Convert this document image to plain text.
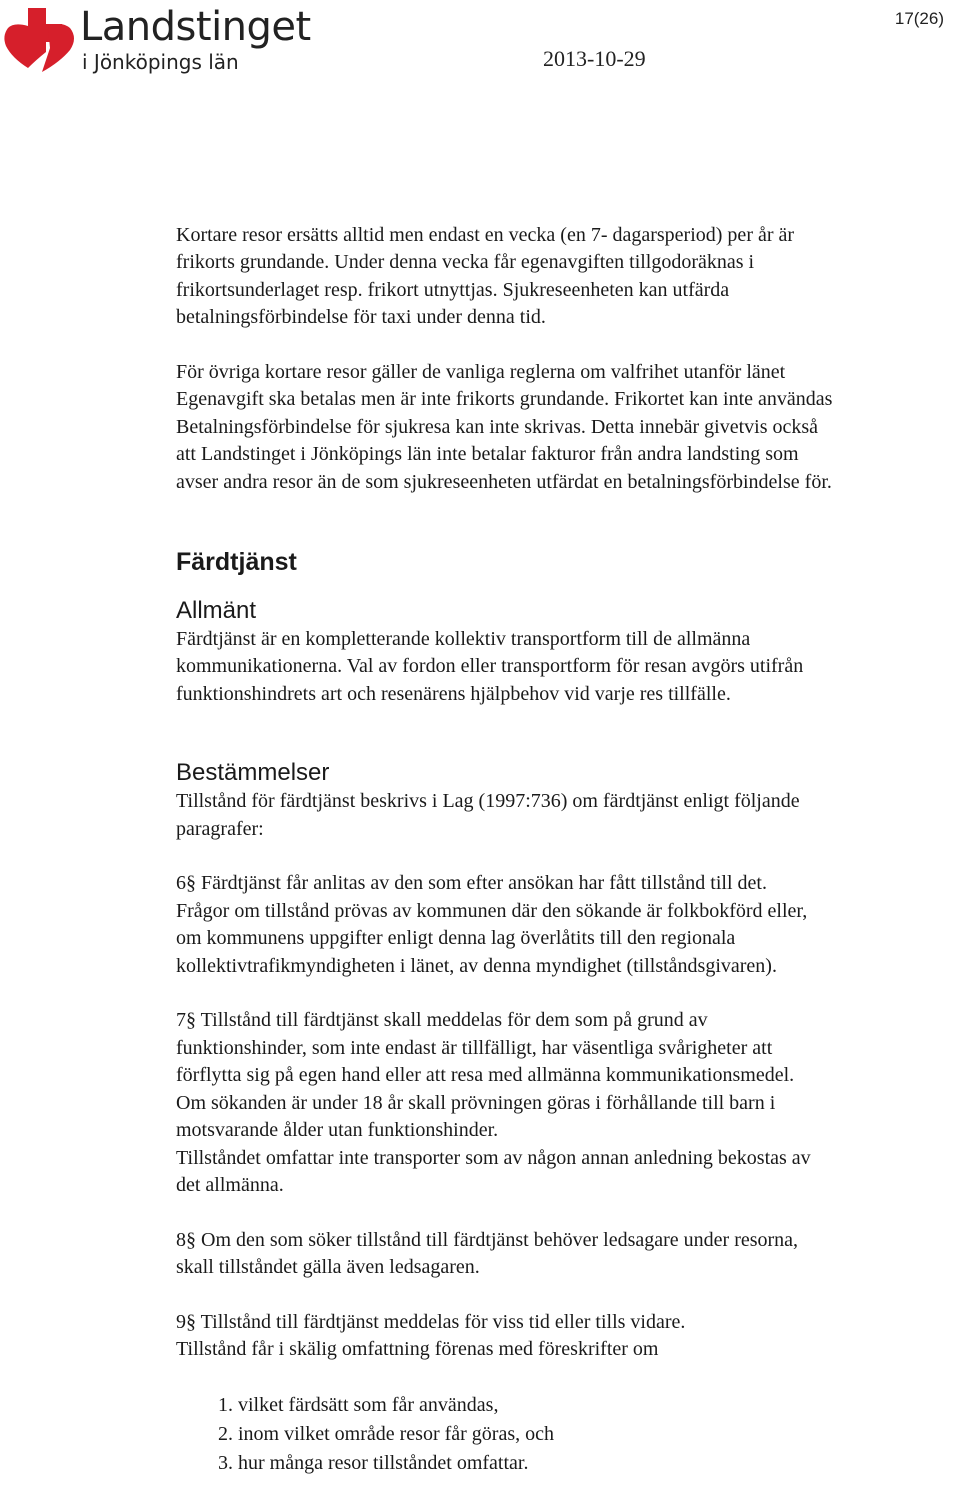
Landstinget
i Jönköpings län	2013-10-29
17(26)

Kortare resor ersätts alltid men endast en vecka (en 7- dagarsperiod) per år är
frikorts grundande. Under denna vecka får egenavgiften tillgodoräknas i
frikortsunderlaget resp. frikort utnyttjas. Sjukreseenheten kan utfärda
betalningsförbindelse för taxi under denna tid.

För övriga kortare resor gäller de vanliga reglerna om valfrihet utanför länet
Egenavgift ska betalas men är inte frikorts grundande. Frikortet kan inte användas
Betalningsförbindelse för sjukresa kan inte skrivas. Detta innebär givetvis också
att Landstinget i Jönköpings län inte betalar fakturor från andra landsting som
avser andra resor än de som sjukreseenheten utfärdat en betalningsförbindelse för.

Färdtjänst
Allmänt

Färdtjänst är en kompletterande kollektiv transportform till de allmänna
kommunikationerna. Val av fordon eller transportform för resan avgörs utifrån
funktionshindrets art och resenärens hjälpbehov vid varje res tillfälle.

Bestämmelser

Tillstånd för färdtjänst beskrivs i Lag (1997:736) om färdtjänst enligt följande
paragrafer:

6§ Färdtjänst får anlitas av den som efter ansökan har fått tillstånd till det.
Frågor om tillstånd prövas av kommunen där den sökande är folkbokförd eller,
om kommunens uppgifter enligt denna lag överlåtits till den regionala
kollektivtrafikmyndigheten i länet, av denna myndighet (tillståndsgivaren).

7§ Tillstånd till färdtjänst skall meddelas för dem som på grund av
funktionshinder, som inte endast är tillfälligt, har väsentliga svårigheter att
förflytta sig på egen hand eller att resa med allmänna kommunikationsmedel.
Om sökanden är under 18 år skall prövningen göras i förhållande till barn i
motsvarande ålder utan funktionshinder.
Tillståndet omfattar inte transporter som av någon annan anledning bekostas av
det allmänna.

8§ Om den som söker tillstånd till färdtjänst behöver ledsagare under resorna,
skall tillståndet gälla även ledsagaren.

9§ Tillstånd till färdtjänst meddelas för viss tid eller tills vidare.
Tillstånd får i skälig omfattning förenas med föreskrifter om

1. vilket färdsätt som får användas,
2. inom vilket område resor får göras, och
3. hur många resor tillståndet omfattar.
